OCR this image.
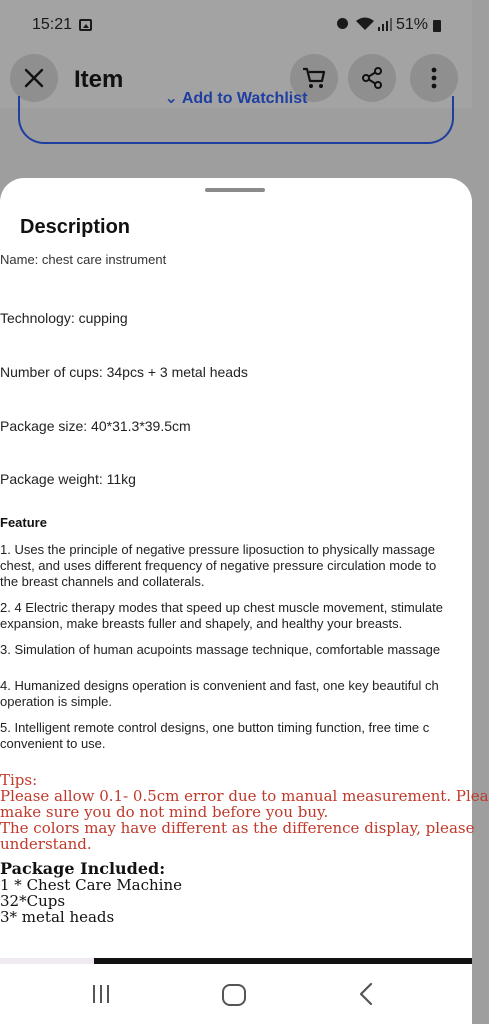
15:21	51%
Item
⌄ Add to Watchlist
Description
Name: chest care instrument
Technology: cupping
Number of cups: 34pcs + 3 metal heads
Package size: 40*31.3*39.5cm
Package weight: 11kg
Feature
1. Uses the principle of negative pressure liposuction to physically massage
chest, and uses different frequency of negative pressure circulation mode to
the breast channels and collaterals.
2. 4 Electric therapy modes that speed up chest muscle movement, stimulate
expansion, make breasts fuller and shapely, and healthy your breasts.
3. Simulation of human acupoints massage technique, comfortable massage
4. Humanized designs operation is convenient and fast, one key beautiful ch
operation is simple.
5. Intelligent remote control designs, one button timing function, free time c
convenient to use.
Tips:
Please allow 0.1- 0.5cm error due to manual measurement. Plea
make sure you do not mind before you buy.
The colors may have different as the difference display, please
understand.
Package Included:
1 * Chest Care Machine
32*Cups
3* metal heads
